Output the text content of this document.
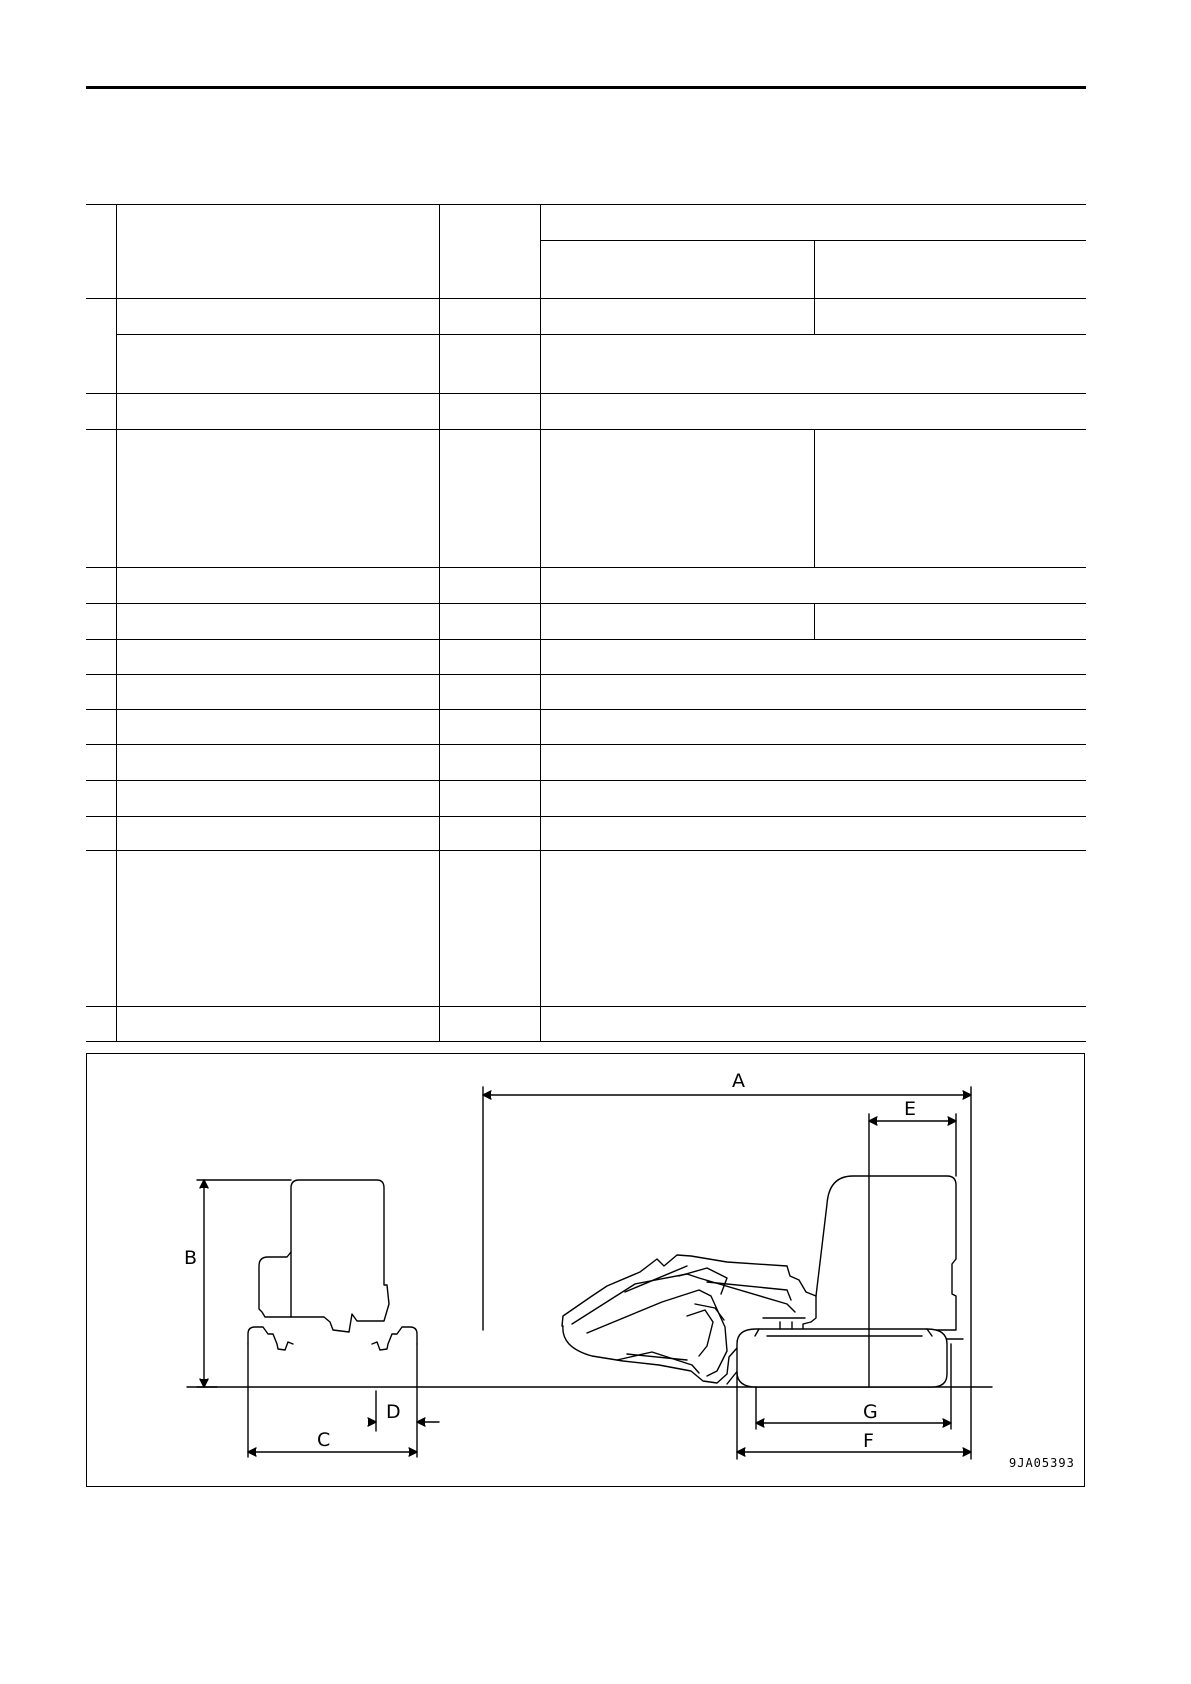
A
E
B
D
C
G
F
9JA05393
